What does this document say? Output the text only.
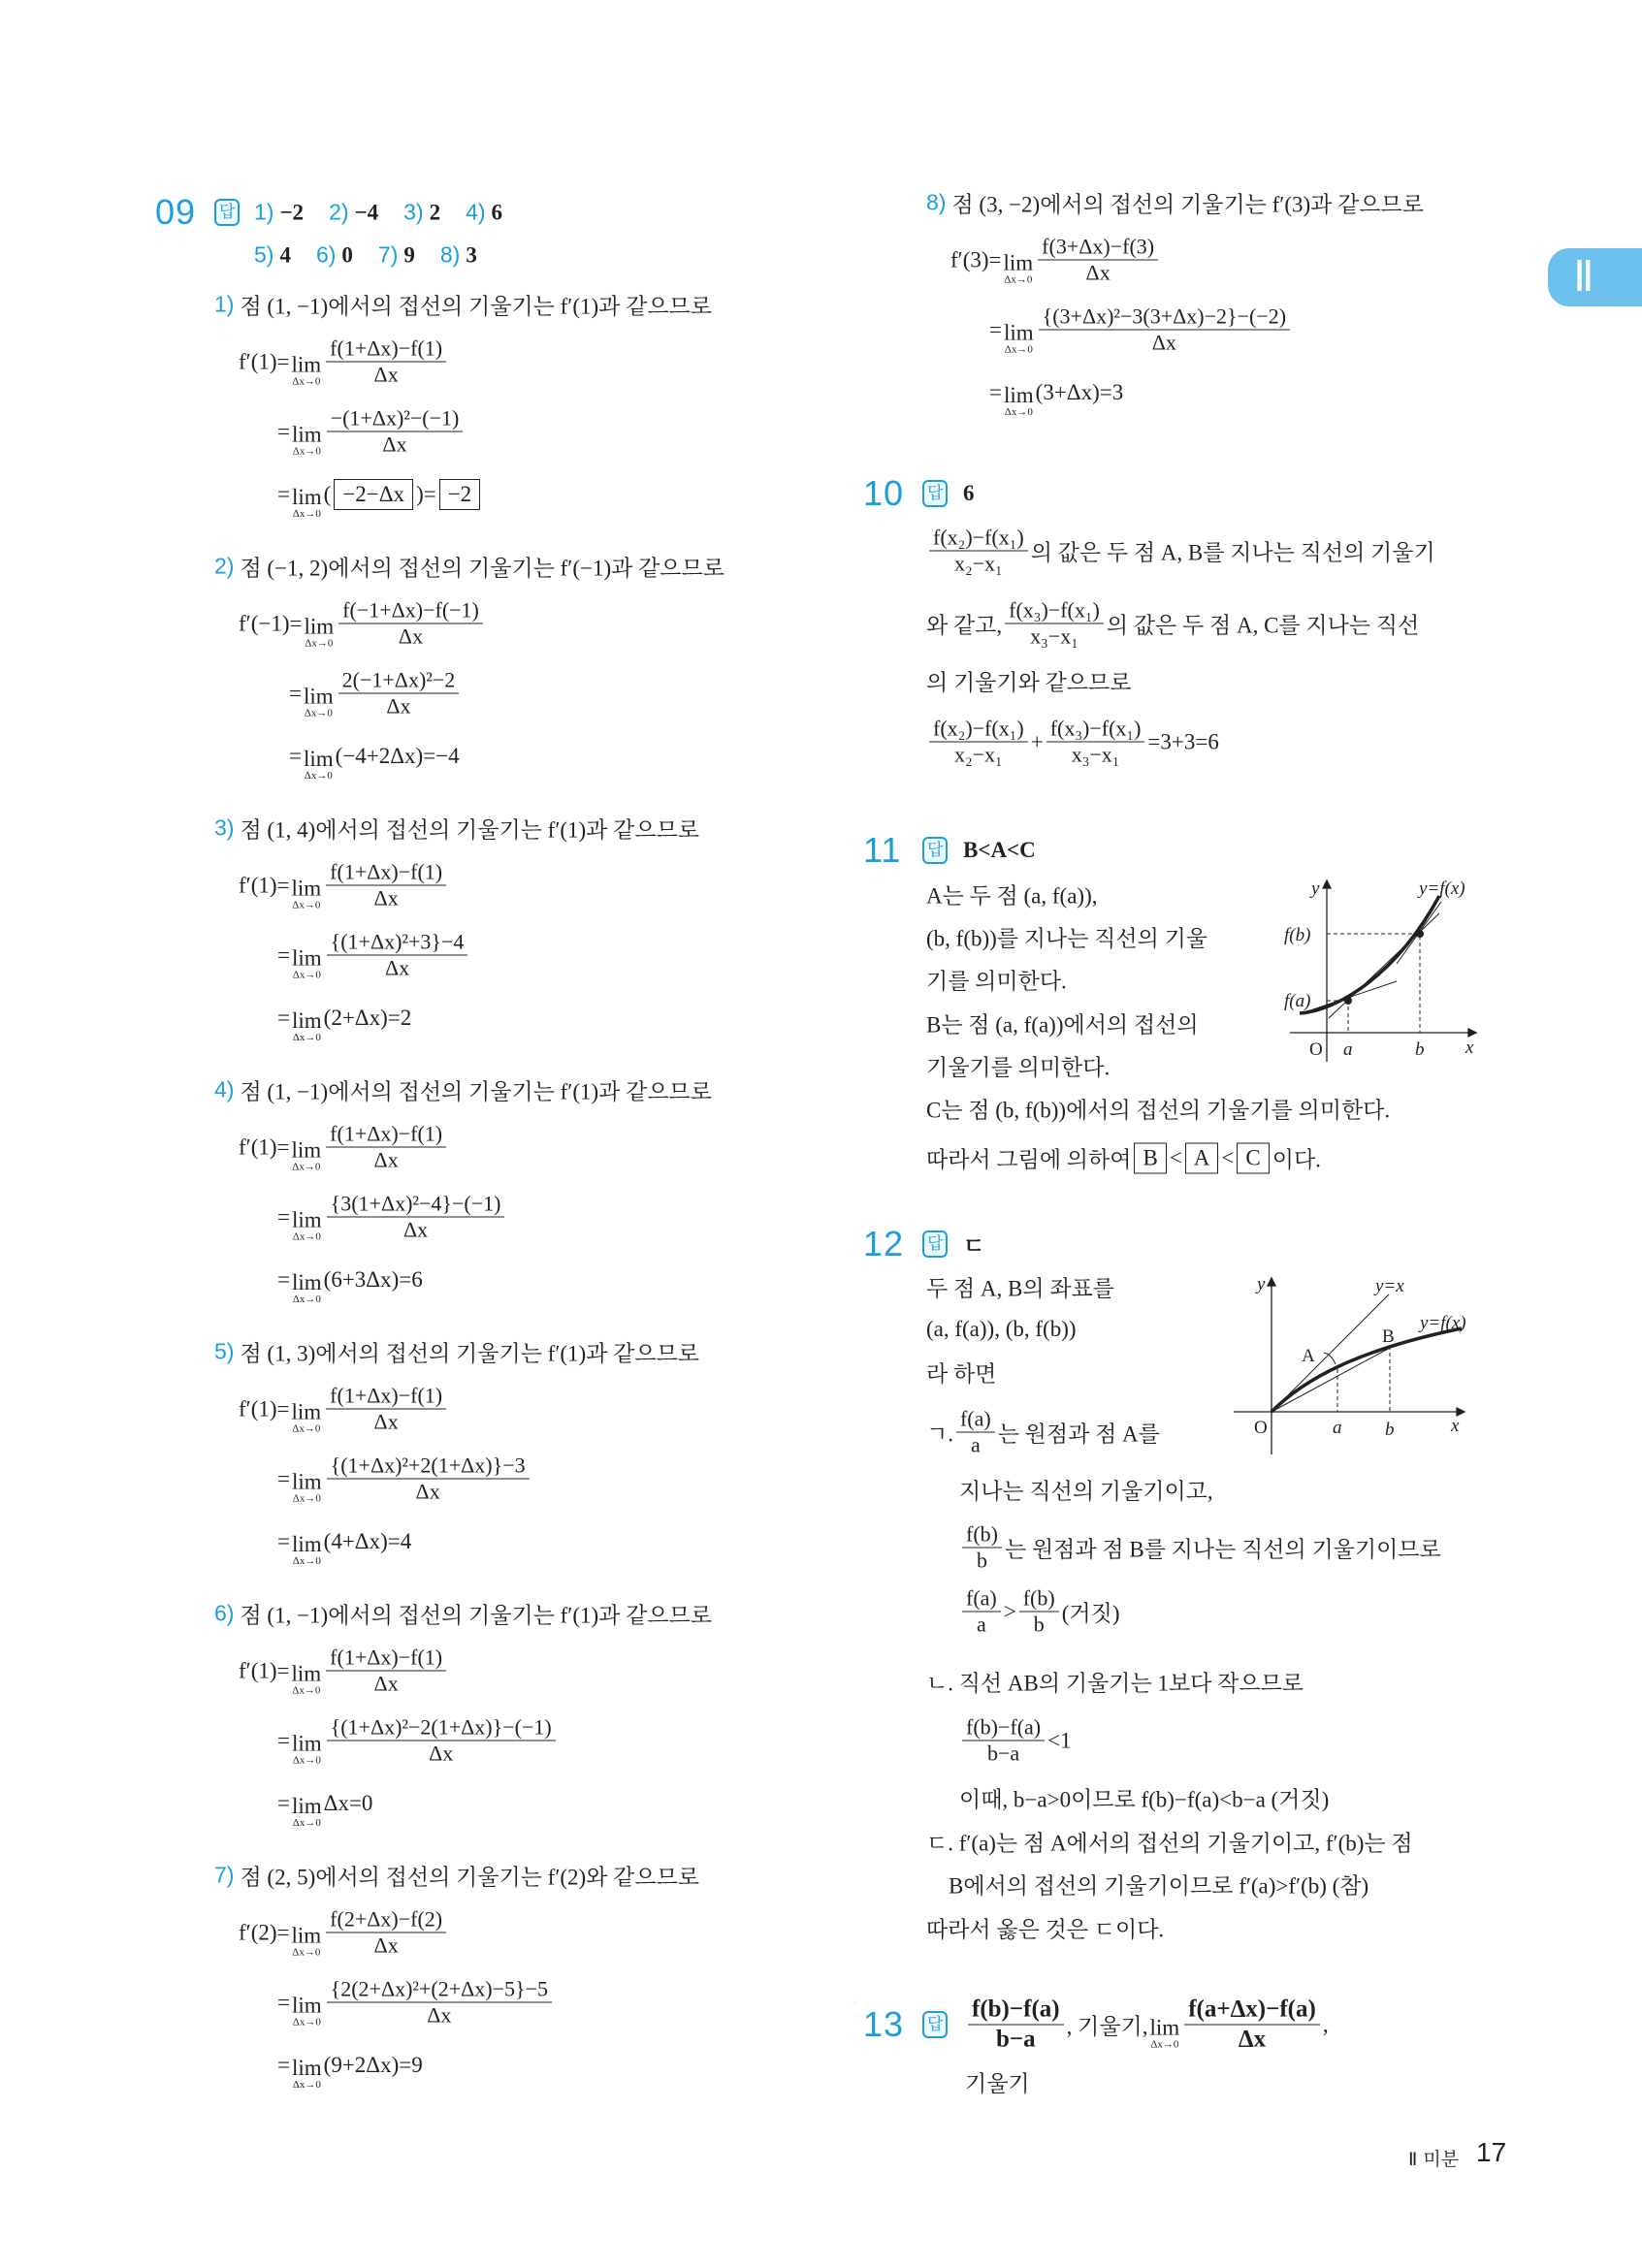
Ⅱ
Ⅱ 미분 17
y	y=f(x)
f(b)
f(a)
O a	b x
y	y=x
y=f(x)
B
A
O	a b	x
09 답 1) −2 2) −4 3) 2 4) 6
5) 4 6) 0 7) 9 8) 3
1) 점 (1, −1)에서의 접선의 기울기는 f′(1)과 같으므로
f′(1) = lim
$\Delta x\to 0 \frac{f(1+\Delta x)-f(1)}{\Delta x}$
= lim
$\Delta x\to 0 \frac{\text{−(1+Δx)²−(−1)}}{\Delta x}$
= lim
Δx→0
( −2−Δx )= −2
2) 점 (−1, 2)에서의 접선의 기울기는 f′(−1)과 같으므로
f′(−1) = lim
$\Delta x\to 0 \frac{f(-1+\Delta x)-f(-1)}{\Delta x}$
= lim
$\Delta x\to 0 \frac{\text{2(−1+Δx)²−2}}{\Delta x}$
= lim
Δx→0
(−4+2Δx)=−4
3) 점 (1, 4)에서의 접선의 기울기는 f′(1)과 같으므로
f′(1) = lim
$\Delta x\to 0 \frac{f(1+\Delta x)-f(1)}{\Delta x}$
= lim
$\Delta x\to 0 \frac{\text{\{(1+Δx)²+3\}−4}}{\Delta x}$
= lim
Δx→0
(2+Δx)=2
4) 점 (1, −1)에서의 접선의 기울기는 f′(1)과 같으므로
f′(1) = lim
$\Delta x\to 0 \frac{f(1+\Delta x)-f(1)}{\Delta x}$
= lim
$\Delta x\to 0 \frac{\text{\{3(1+Δx)²−4\}−(−1)}}{\Delta x}$
= lim
Δx→0
(6+3Δx)=6
5) 점 (1, 3)에서의 접선의 기울기는 f′(1)과 같으므로
f′(1) = lim
$\Delta x\to 0 \frac{f(1+\Delta x)-f(1)}{\Delta x}$
= lim
$\Delta x\to 0 \frac{\text{\{(1+Δx)²+2(1+Δx)\}−3}}{\Delta x}$
= lim
Δx→0
(4+Δx)=4
6) 점 (1, −1)에서의 접선의 기울기는 f′(1)과 같으므로
f′(1) = lim
$\Delta x\to 0 \frac{f(1+\Delta x)-f(1)}{\Delta x}$
= lim
$\Delta x\to 0 \frac{\text{\{(1+Δx)²−2(1+Δx)\}−(−1)}}{\Delta x}$
= lim
Δx→0
Δx=0
7) 점 (2, 5)에서의 접선의 기울기는 f′(2)와 같으므로
f′(2) = lim
$\Delta x\to 0 \frac{f(2+\Delta x)-f(2)}{\Delta x}$
= lim
$\Delta x\to 0 \frac{\text{\{2(2+Δx)²+(2+Δx)−5\}−5}}{\Delta x}$
= lim
Δx→0
(9+2Δx)=9
8) 점 (3, −2)에서의 접선의 기울기는 f′(3)과 같으므로
f′(3) = lim
$\Delta x\to 0 \frac{f(3+\Delta x)-f(3)}{\Delta x}$
= lim
$\Delta x\to 0 \frac{\text{\{(3+Δx)²−3(3+Δx)−2\}−(−2)}}{\Delta x}$
= lim
Δx→0
(3+Δx)=3
10 답 6
$\frac{\text{f(x₂)−f(x₁)}}{\text{x₂−x₁}}$ 의 값은 두 점 A, B를 지나는 직선의 기울기
와 같고, $\frac{\text{f(x₃)−f(x₁)}}{\text{x₃−x₁}}$ 의 값은 두 점 A, C를 지나는 직선
의 기울기와 같으므로
$\frac{\text{f(x₂)−f(x₁)}}{\text{x₂−x₁}} + \frac{\text{f(x₃)−f(x₁)}}{\text{x₃−x₁}} =3+3=6$
11 답 B<A<C
A는 두 점 (a, f(a)),
(b, f(b))를 지나는 직선의 기울
기를 의미한다.
B는 점 (a, f(a))에서의 접선의
기울기를 의미한다.
C는 점 (b, f(b))에서의 접선의 기울기를 의미한다.
따라서 그림에 의하여 B < A < C 이다.
12 답 ㄷ
두 점 A, B의 좌표를
(a, f(a)), (b, f(b))
라 하면
ㄱ. $\frac{f(a)}{a}$ 는 원점과 점 A를
지나는 직선의 기울기이고,
$\frac{f(b)}{b}$ 는 원점과 점 B를 지나는 직선의 기울기이므로
$\frac{f(a)}{a} > \frac{f(b)}{b}$ (거짓)
ㄴ. 직선 AB의 기울기는 1보다 작으므로
$\frac{f(b)-f(a)}{b-a} <1$
이때, b−a>0이므로 f(b)−f(a)<b−a (거짓)
ㄷ. f′(a)는 점 A에서의 접선의 기울기이고, f′(b)는 점
B에서의 접선의 기울기이므로 f′(a)>f′(b) (참)
따라서 옳은 것은 ㄷ이다.
13 답 $\frac{f(b)-f(a)}{b-a}$ , 기울기, lim
$\Delta x\to 0 \frac{f(a+\Delta x)-f(a)}{\Delta x}$ ,
기울기
